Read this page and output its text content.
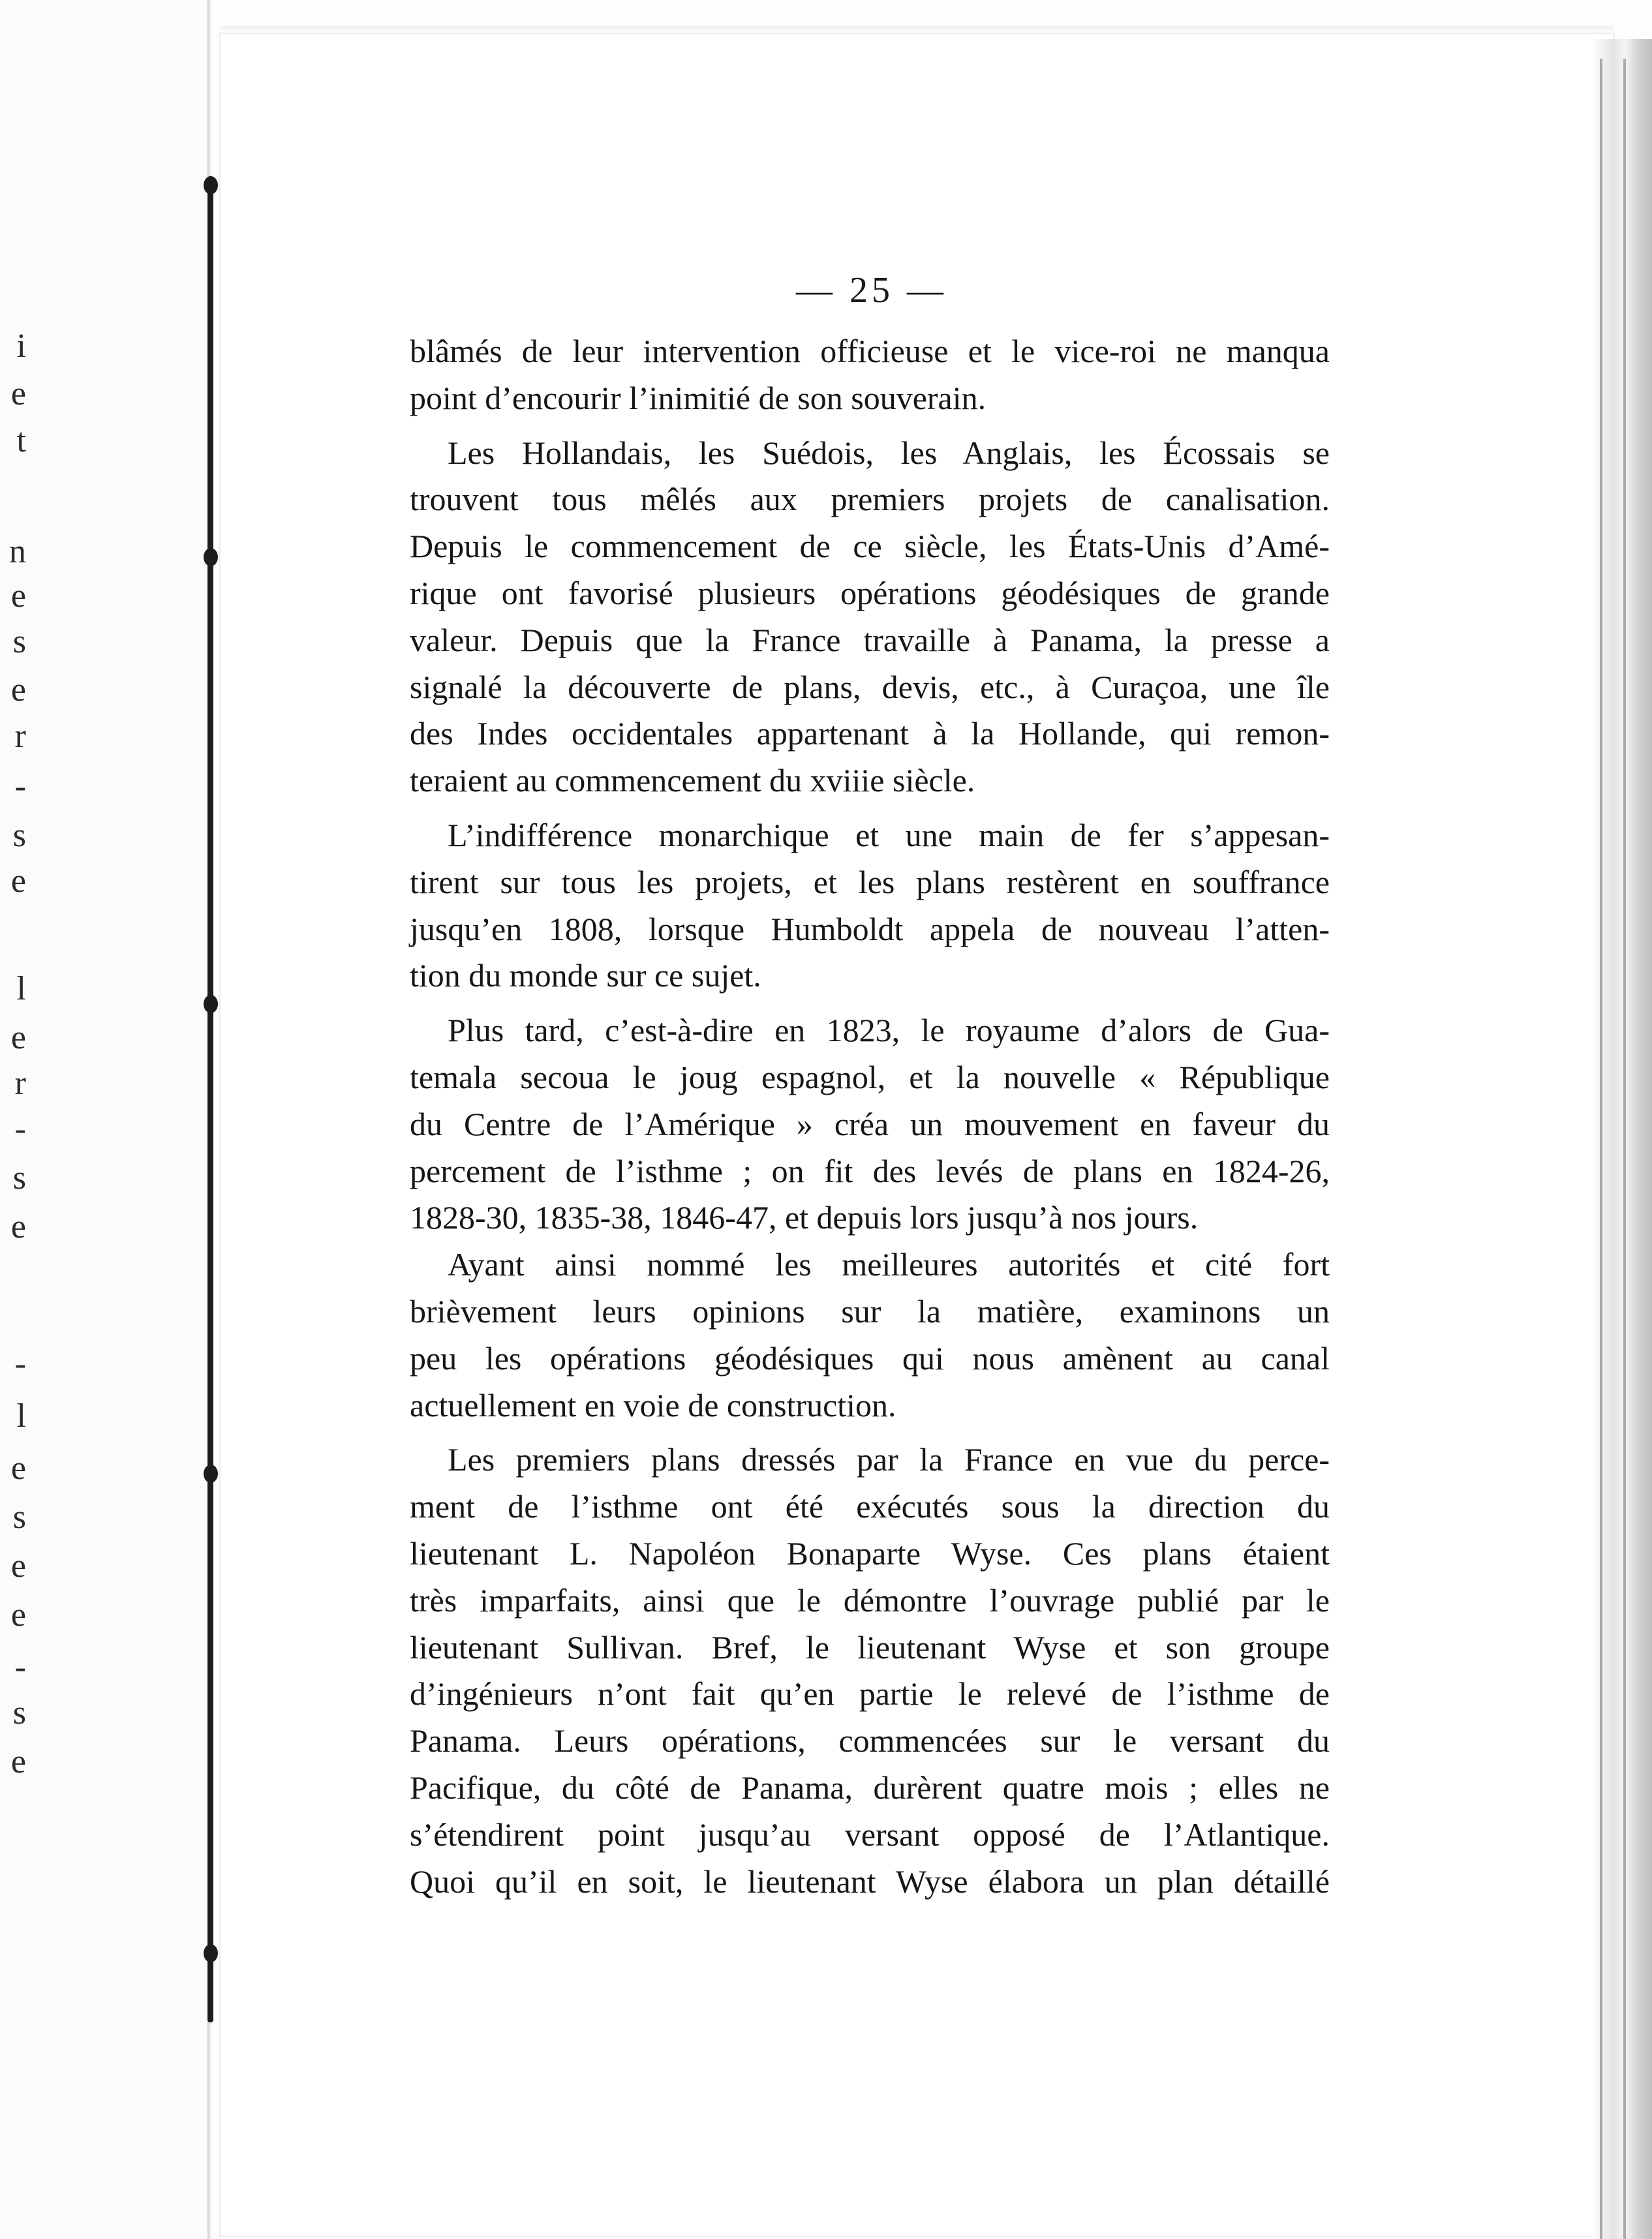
i
e
t
n
e
s
e
r
-
s
e
l
e
r
-
s
e
-
l
e
s
e
e
-
s
e
— 25 —
blâmés de leur intervention officieuse et le vice-roi ne manqua
point d’encourir l’inimitié de son souverain.
Les Hollandais, les Suédois, les Anglais, les Écossais se
trouvent tous mêlés aux premiers projets de canalisation.
Depuis le commencement de ce siècle, les États-Unis d’Amé-
rique ont favorisé plusieurs opérations géodésiques de grande
valeur. Depuis que la France travaille à Panama, la presse a
signalé la découverte de plans, devis, etc., à Curaçoa, une île
des Indes occidentales appartenant à la Hollande, qui remon-
teraient au commencement du xviiie siècle.
L’indifférence monarchique et une main de fer s’appesan-
tirent sur tous les projets, et les plans restèrent en souffrance
jusqu’en 1808, lorsque Humboldt appela de nouveau l’atten-
tion du monde sur ce sujet.
Plus tard, c’est-à-dire en 1823, le royaume d’alors de Gua-
temala secoua le joug espagnol, et la nouvelle « République
du Centre de l’Amérique » créa un mouvement en faveur du
percement de l’isthme ; on fit des levés de plans en 1824-26,
1828-30, 1835-38, 1846-47, et depuis lors jusqu’à nos jours.
Ayant ainsi nommé les meilleures autorités et cité fort
brièvement leurs opinions sur la matière, examinons un
peu les opérations géodésiques qui nous amènent au canal
actuellement en voie de construction.
Les premiers plans dressés par la France en vue du perce-
ment de l’isthme ont été exécutés sous la direction du
lieutenant L. Napoléon Bonaparte Wyse. Ces plans étaient
très imparfaits, ainsi que le démontre l’ouvrage publié par le
lieutenant Sullivan. Bref, le lieutenant Wyse et son groupe
d’ingénieurs n’ont fait qu’en partie le relevé de l’isthme de
Panama. Leurs opérations, commencées sur le versant du
Pacifique, du côté de Panama, durèrent quatre mois ; elles ne
s’étendirent point jusqu’au versant opposé de l’Atlantique.
Quoi qu’il en soit, le lieutenant Wyse élabora un plan détaillé
